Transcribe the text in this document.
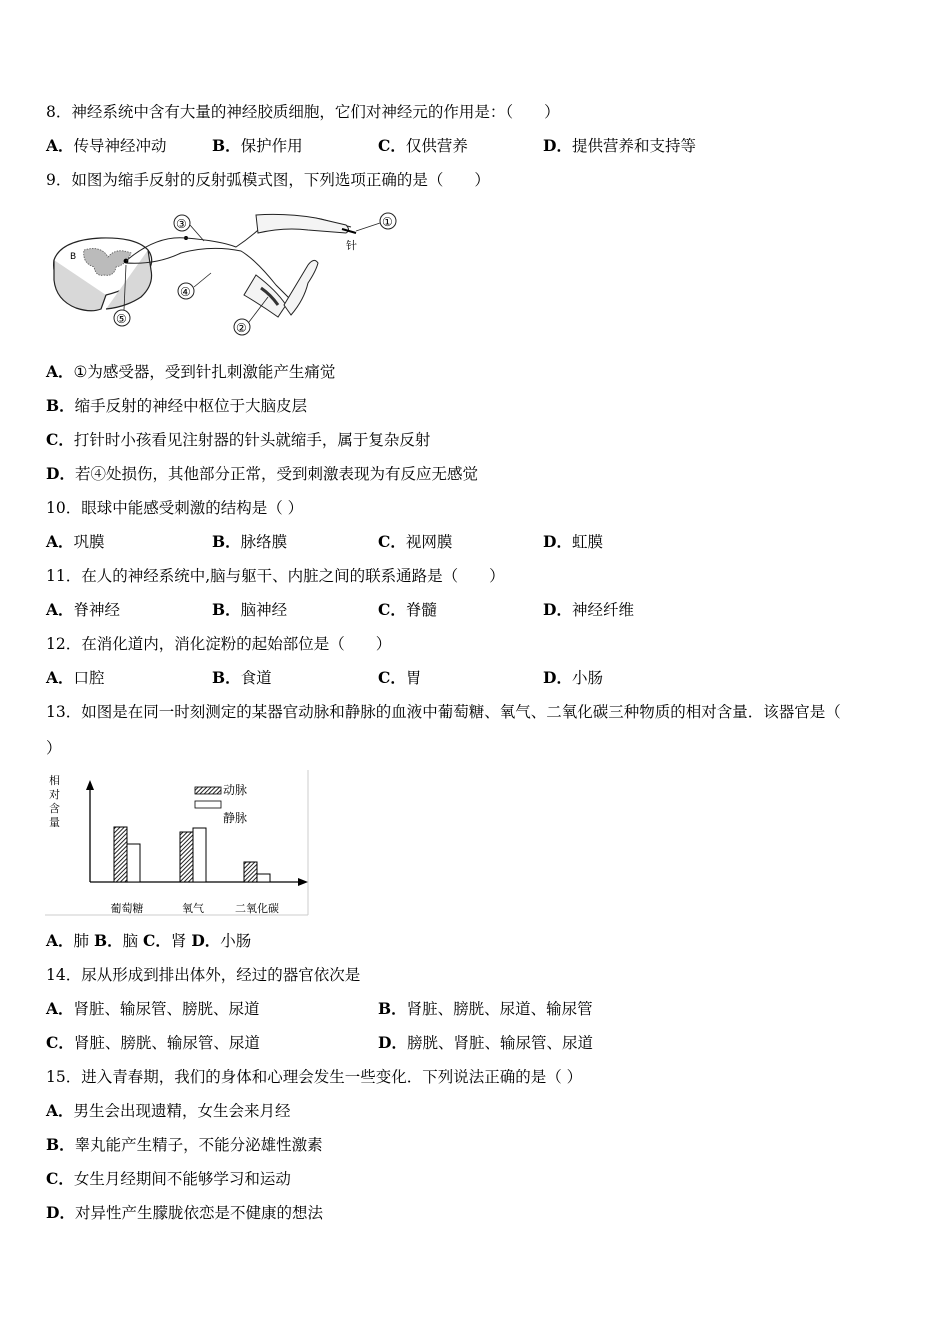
8．神经系统中含有大量的神经胶质细胞，它们对神经元的作用是：（　　）
A．传导神经冲动	B．保护作用	C．仅供营养	D．提供营养和支持等
9．如图为缩手反射的反射弧模式图，下列选项正确的是（　　）
B
针
①
②
③
④
⑤
A．①为感受器，受到针扎刺激能产生痛觉
B．缩手反射的神经中枢位于大脑皮层
C．打针时小孩看见注射器的针头就缩手，属于复杂反射
D．若④处损伤，其他部分正常，受到刺激表现为有反应无感觉
10．眼球中能感受刺激的结构是（ ）
A．巩膜	B．脉络膜	C．视网膜	D．虹膜
11．在人的神经系统中,脑与躯干、内脏之间的联系通路是（　　）
A．脊神经	B．脑神经	C．脊髓	D．神经纤维
12．在消化道内，消化淀粉的起始部位是（　　）
A．口腔	B．食道	C．胃	D．小肠
13．如图是在同一时刻测定的某器官动脉和静脉的血液中葡萄糖、氧气、二氧化碳三种物质的相对含量．该器官是（
）
相
对
含
量
动脉
静脉
葡萄糖	氧气	二氧化碳
A．肺 B．脑 C．肾 D．小肠
14．尿从形成到排出体外，经过的器官依次是
A．肾脏、输尿管、膀胱、尿道	B．肾脏、膀胱、尿道、输尿管
C．肾脏、膀胱、输尿管、尿道	D．膀胱、肾脏、输尿管、尿道
15．进入青春期，我们的身体和心理会发生一些变化．下列说法正确的是（ ）
A．男生会出现遗精，女生会来月经
B．睾丸能产生精子，不能分泌雄性激素
C．女生月经期间不能够学习和运动
D．对异性产生朦胧依恋是不健康的想法
